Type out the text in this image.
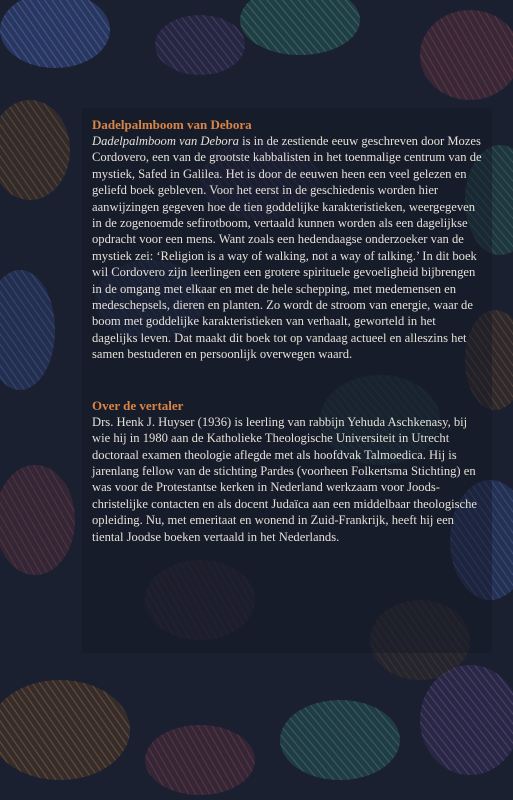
Dadelpalmboom van Debora

Dadelpalmboom van Debora is in de zestiende eeuw geschreven door Mozes Cordovero, een van de grootste kabbalisten in het toenmalige centrum van de mystiek, Safed in Galilea. Het is door de eeuwen heen een veel gelezen en geliefd boek gebleven. Voor het eerst in de geschiedenis worden hier aanwijzingen gegeven hoe de tien goddelijke karakteristieken, weergegeven in de zogenoemde sefirotboom, vertaald kunnen worden als een dagelijkse opdracht voor een mens. Want zoals een hedendaagse onderzoeker van de mystiek zei: ‘Religion is a way of walking, not a way of talking.’ In dit boek wil Cordovero zijn leerlingen een grotere spirituele gevoeligheid bijbrengen in de omgang met elkaar en met de hele schepping, met medemensen en medeschepsels, dieren en planten. Zo wordt de stroom van energie, waar de boom met goddelijke karakteristieken van verhaalt, geworteld in het dagelijks leven. Dat maakt dit boek tot op vandaag actueel en alleszins het samen bestuderen en persoonlijk overwegen waard.

Over de vertaler

Drs. Henk J. Huyser (1936) is leerling van rabbijn Yehuda Aschkenasy, bij wie hij in 1980 aan de Katholieke Theologische Universiteit in Utrecht doctoraal examen theologie aflegde met als hoofdvak Talmoedica. Hij is jarenlang fellow van de stichting Pardes (voorheen Folkertsma Stichting) en was voor de Protestantse kerken in Nederland werkzaam voor Joods-christelijke contacten en als docent Judaïca aan een middelbaar theologische opleiding. Nu, met emeritaat en wonend in Zuid-Frankrijk, heeft hij een tiental Joodse boeken vertaald in het Nederlands.
